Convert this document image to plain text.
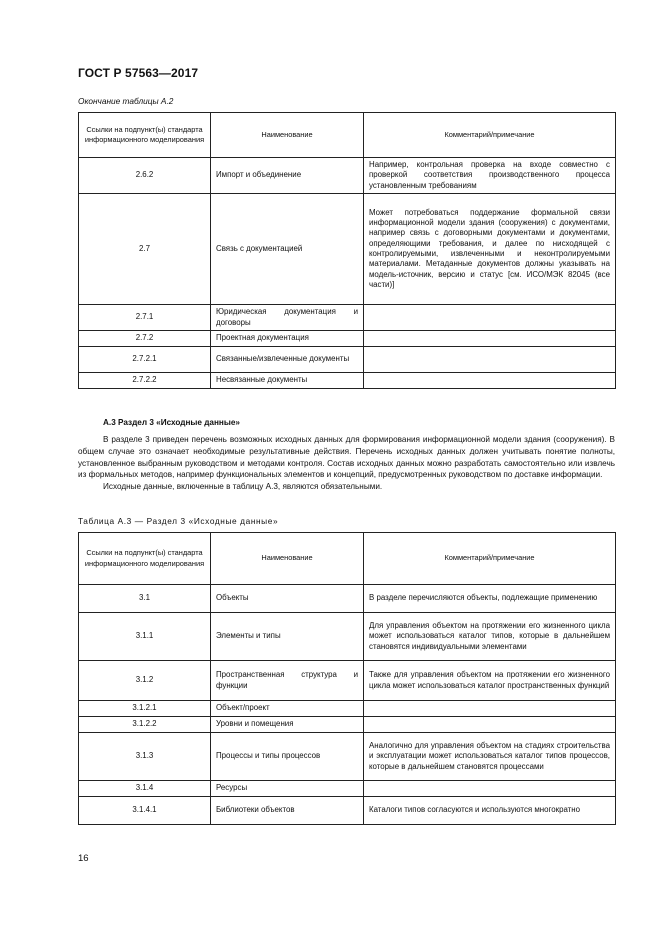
ГОСТ Р 57563—2017
Окончание таблицы А.2
Ссылки на подпункт(ы) стандарта информационного моделирования	Наименование	Комментарий/примечание
2.6.2	Импорт и объединение	Например, контрольная проверка на входе совместно с проверкой соответствия производственного процесса установленным требованиям
2.7	Связь с документацией	Может потребоваться поддержание формальной связи информационной модели здания (сооружения) с документами, например связь с договорными документами и документами, определяющими требования, и далее по нисходящей с контролируемыми, извлеченными и неконтролируемыми материалами. Метаданные документов должны указывать на модель-источник, версию и статус [см. ИСО/МЭК 82045 (все части)]
2.7.1	Юридическая документация и договоры	
2.7.2	Проектная документация	
2.7.2.1	Связанные/извлеченные документы	
2.7.2.2	Несвязанные документы	
А.3 Раздел 3 «Исходные данные»

В разделе 3 приведен перечень возможных исходных данных для формирования информационной модели здания (сооружения). В общем случае это означает необходимые результативные действия. Перечень исходных данных должен учитывать понятие полноты, установленное выбранным руководством и методами контроля. Состав исходных данных можно разработать самостоятельно или извлечь из формальных методов, например функциональных элементов и концепций, предусмотренных руководством по доставке информации.

Исходные данные, включенные в таблицу А.3, являются обязательными.

Таблица А.3 — Раздел 3 «Исходные данные»
Ссылки на подпункт(ы) стандарта информационного моделирования	Наименование	Комментарий/примечание
3.1	Объекты	В разделе перечисляются объекты, подлежащие применению
3.1.1	Элементы и типы	Для управления объектом на протяжении его жизненного цикла может использоваться каталог типов, которые в дальнейшем становятся индивидуальными элементами
3.1.2	Пространственная структура и функции	Также для управления объектом на протяжении его жизненного цикла может использоваться каталог пространственных функций
3.1.2.1	Объект/проект	
3.1.2.2	Уровни и помещения	
3.1.3	Процессы и типы процессов	Аналогично для управления объектом на стадиях строительства и эксплуатации может использоваться каталог типов процессов, которые в дальнейшем становятся процессами
3.1.4	Ресурсы	
3.1.4.1	Библиотеки объектов	Каталоги типов согласуются и используются многократно
16
